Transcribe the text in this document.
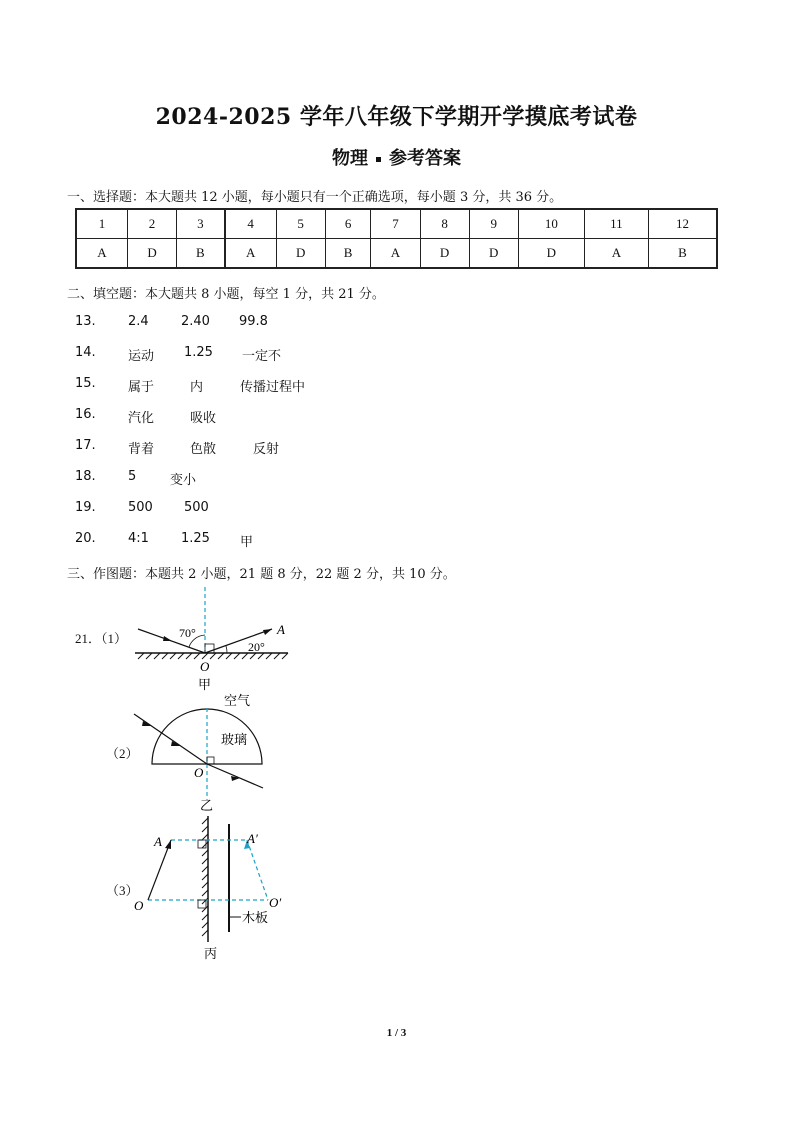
2024-2025 学年八年级下学期开学摸底考试卷
物理 参考答案
一、选择题：本大题共 12 小题，每小题只有一个正确选项，每小题 3 分，共 36 分。
1	2	3	4	5	6	7	8	9	10	11	12
A	D	B	A	D	B	A	D	D	D	A	B
二、填空题：本大题共 8 小题，每空 1 分，共 21 分。
13. 2.4 2.40 99.8
14. 运动 1.25 一定不
15. 属于	内	传播过程中
16. 汽化	吸收
17. 背着	色散	反射
18. 5	变小
19. 500 500
20. 4:1 1.25 甲
三、作图题：本题共 2 小题，21 题 8 分，22 题 2 分，共 10 分。
21．（1）	70°
20°
A
O
甲
（2）
空气
玻璃
O
乙
（3）
A	A′
O	O′
木板
丙
1 / 3
